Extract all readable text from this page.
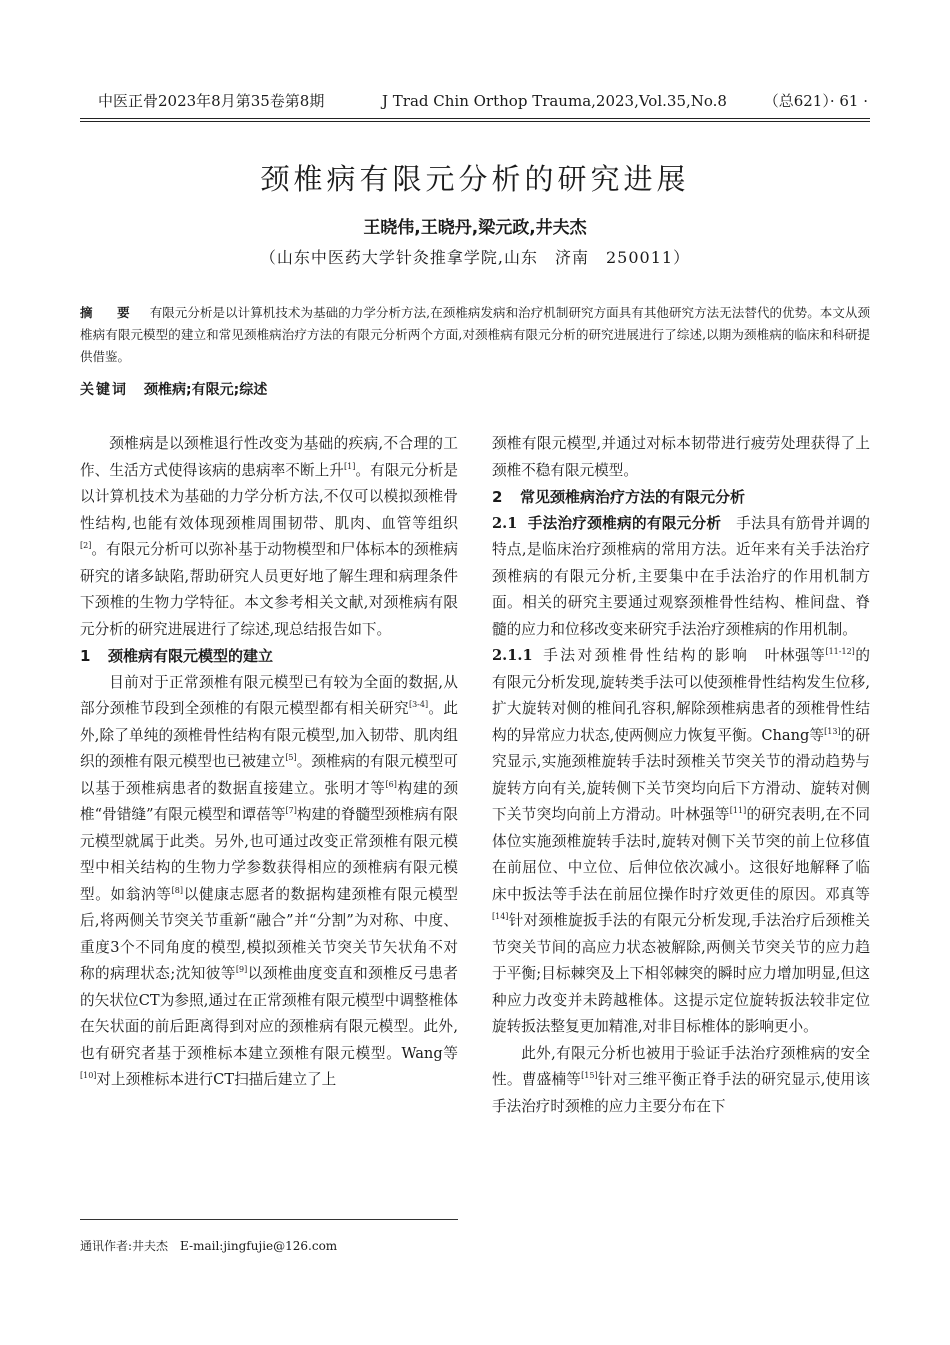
中医正骨2023年8月第35卷第8期	J Trad Chin Orthop Trauma,2023,Vol.35,No.8 （总621）· 61 ·
颈椎病有限元分析的研究进展
王晓伟,王晓丹,梁元政,井夫杰
（山东中医药大学针灸推拿学院,山东　济南　250011）
摘　要 有限元分析是以计算机技术为基础的力学分析方法,在颈椎病发病和治疗机制研究方面具有其他研究方法无法替代的优势。本文从颈椎病有限元模型的建立和常见颈椎病治疗方法的有限元分析两个方面,对颈椎病有限元分析的研究进展进行了综述,以期为颈椎病的临床和科研提供借鉴。
关键词 颈椎病;有限元;综述

颈椎病是以颈椎退行性改变为基础的疾病,不合理的工作、生活方式使得该病的患病率不断上升[1]。有限元分析是以计算机技术为基础的力学分析方法,不仅可以模拟颈椎骨性结构,也能有效体现颈椎周围韧带、肌肉、血管等组织[2]。有限元分析可以弥补基于动物模型和尸体标本的颈椎病研究的诸多缺陷,帮助研究人员更好地了解生理和病理条件下颈椎的生物力学特征。本文参考相关文献,对颈椎病有限元分析的研究进展进行了综述,现总结报告如下。

1 颈椎病有限元模型的建立

目前对于正常颈椎有限元模型已有较为全面的数据,从部分颈椎节段到全颈椎的有限元模型都有相关研究[3-4]。此外,除了单纯的颈椎骨性结构有限元模型,加入韧带、肌肉组织的颈椎有限元模型也已被建立[5]。颈椎病的有限元模型可以基于颈椎病患者的数据直接建立。张明才等[6]构建的颈椎“骨错缝”有限元模型和谭蓓等[7]构建的脊髓型颈椎病有限元模型就属于此类。另外,也可通过改变正常颈椎有限元模型中相关结构的生物力学参数获得相应的颈椎病有限元模型。如翁汭等[8]以健康志愿者的数据构建颈椎有限元模型后,将两侧关节突关节重新“融合”并“分割”为对称、中度、重度3个不同角度的模型,模拟颈椎关节突关节矢状角不对称的病理状态;沈知彼等[9]以颈椎曲度变直和颈椎反弓患者的矢状位CT为参照,通过在正常颈椎有限元模型中调整椎体在矢状面的前后距离得到对应的颈椎病有限元模型。此外,也有研究者基于颈椎标本建立颈椎有限元模型。Wang等[10]对上颈椎标本进行CT扫描后建立了上

颈椎有限元模型,并通过对标本韧带进行疲劳处理获得了上颈椎不稳有限元模型。

2 常见颈椎病治疗方法的有限元分析

2.1 手法治疗颈椎病的有限元分析　 手法具有筋骨并调的特点,是临床治疗颈椎病的常用方法。近年来有关手法治疗颈椎病的有限元分析,主要集中在手法治疗的作用机制方面。相关的研究主要通过观察颈椎骨性结构、椎间盘、脊髓的应力和位移改变来研究手法治疗颈椎病的作用机制。

2.1.1 手法对颈椎骨性结构的影响　 叶林强等[11-12]的有限元分析发现,旋转类手法可以使颈椎骨性结构发生位移,扩大旋转对侧的椎间孔容积,解除颈椎病患者的颈椎骨性结构的异常应力状态,使两侧应力恢复平衡。Chang等[13]的研究显示,实施颈椎旋转手法时颈椎关节突关节的滑动趋势与旋转方向有关,旋转侧下关节突均向后下方滑动、旋转对侧下关节突均向前上方滑动。叶林强等[11]的研究表明,在不同体位实施颈椎旋转手法时,旋转对侧下关节突的前上位移值在前屈位、中立位、后伸位依次减小。这很好地解释了临床中扳法等手法在前屈位操作时疗效更佳的原因。邓真等[14]针对颈椎旋扳手法的有限元分析发现,手法治疗后颈椎关节突关节间的高应力状态被解除,两侧关节突关节的应力趋于平衡;目标棘突及上下相邻棘突的瞬时应力增加明显,但这种应力改变并未跨越椎体。这提示定位旋转扳法较非定位旋转扳法整复更加精准,对非目标椎体的影响更小。

此外,有限元分析也被用于验证手法治疗颈椎病的安全性。曹盛楠等[15]针对三维平衡正脊手法的研究显示,使用该手法治疗时颈椎的应力主要分布在下

通讯作者:井夫杰　E-mail:jingfujie@126.com
